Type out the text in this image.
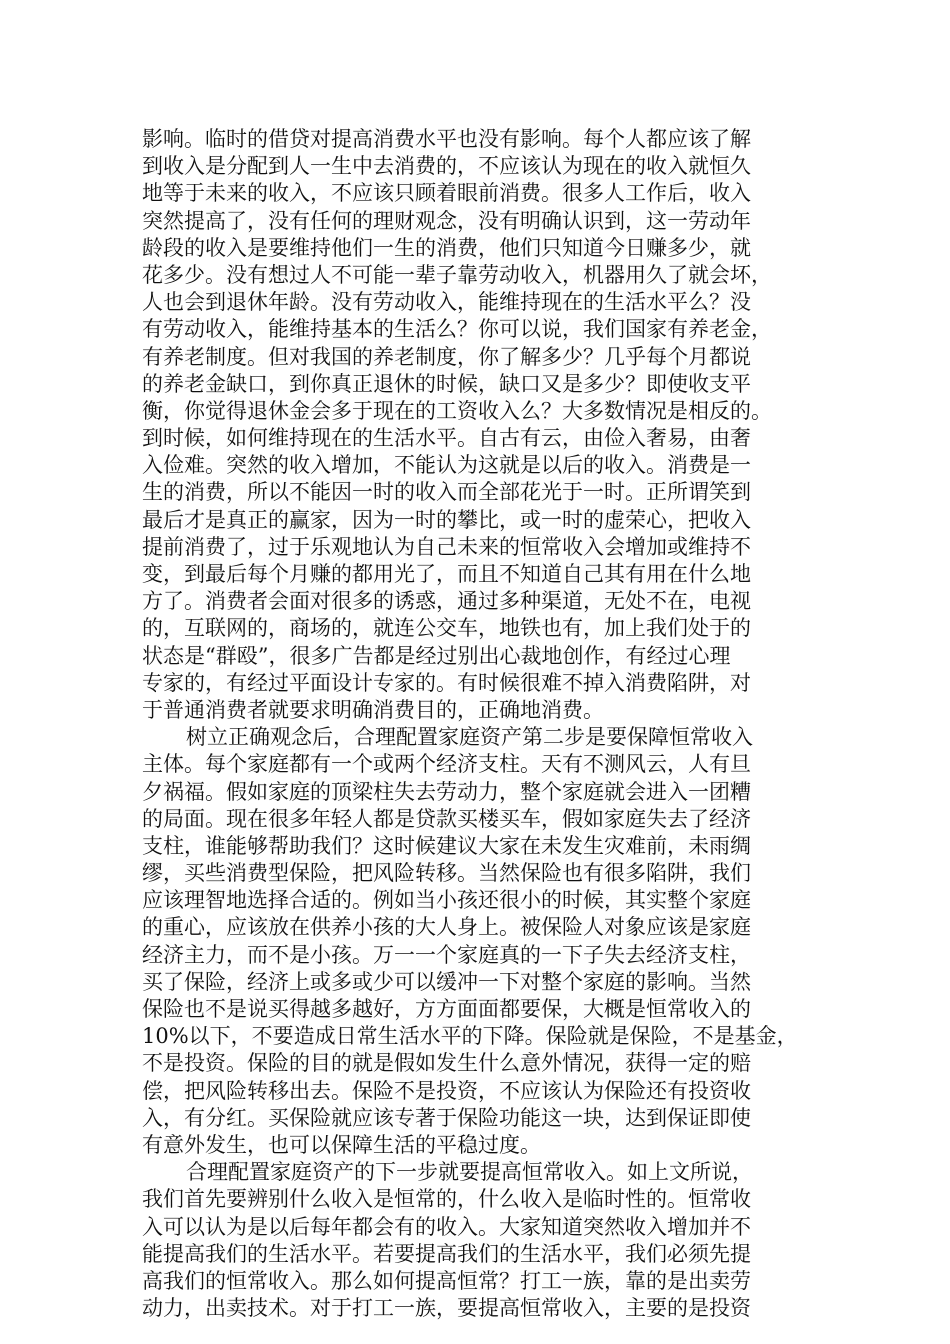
影响。临时的借贷对提高消费水平也没有影响。每个人都应该了解
到收入是分配到人一生中去消费的，不应该认为现在的收入就恒久
地等于未来的收入，不应该只顾着眼前消费。很多人工作后，收入
突然提高了，没有任何的理财观念，没有明确认识到，这一劳动年
龄段的收入是要维持他们一生的消费，他们只知道今日赚多少，就
花多少。没有想过人不可能一辈子靠劳动收入，机器用久了就会坏，
人也会到退休年龄。没有劳动收入，能维持现在的生活水平么？没
有劳动收入，能维持基本的生活么？你可以说，我们国家有养老金，
有养老制度。但对我国的养老制度，你了解多少？几乎每个月都说
的养老金缺口，到你真正退休的时候，缺口又是多少？即使收支平
衡，你觉得退休金会多于现在的工资收入么？大多数情况是相反的。
到时候，如何维持现在的生活水平。自古有云，由俭入奢易，由奢
入俭难。突然的收入增加，不能认为这就是以后的收入。消费是一
生的消费，所以不能因一时的收入而全部花光于一时。正所谓笑到
最后才是真正的赢家，因为一时的攀比，或一时的虚荣心，把收入
提前消费了，过于乐观地认为自己未来的恒常收入会增加或维持不
变，到最后每个月赚的都用光了，而且不知道自己其有用在什么地
方了。消费者会面对很多的诱惑，通过多种渠道，无处不在，电视
的，互联网的，商场的，就连公交车，地铁也有，加上我们处于的
状态是“群殴”，很多广告都是经过别出心裁地创作，有经过心理
专家的，有经过平面设计专家的。有时候很难不掉入消费陷阱，对
于普通消费者就要求明确消费目的，正确地消费。
树立正确观念后，合理配置家庭资产第二步是要保障恒常收入
主体。每个家庭都有一个或两个经济支柱。天有不测风云，人有旦
夕祸福。假如家庭的顶梁柱失去劳动力，整个家庭就会进入一团糟
的局面。现在很多年轻人都是贷款买楼买车，假如家庭失去了经济
支柱，谁能够帮助我们？这时候建议大家在未发生灾难前，未雨绸
缪，买些消费型保险，把风险转移。当然保险也有很多陷阱，我们
应该理智地选择合适的。例如当小孩还很小的时候，其实整个家庭
的重心，应该放在供养小孩的大人身上。被保险人对象应该是家庭
经济主力，而不是小孩。万一一个家庭真的一下子失去经济支柱，
买了保险，经济上或多或少可以缓冲一下对整个家庭的影响。当然
保险也不是说买得越多越好，方方面面都要保，大概是恒常收入的
10%以下，不要造成日常生活水平的下降。保险就是保险，不是基金，
不是投资。保险的目的就是假如发生什么意外情况，获得一定的赔
偿，把风险转移出去。保险不是投资，不应该认为保险还有投资收
入，有分红。买保险就应该专著于保险功能这一块，达到保证即使
有意外发生，也可以保障生活的平稳过度。
合理配置家庭资产的下一步就要提高恒常收入。如上文所说，
我们首先要辨别什么收入是恒常的，什么收入是临时性的。恒常收
入可以认为是以后每年都会有的收入。大家知道突然收入增加并不
能提高我们的生活水平。若要提高我们的生活水平，我们必须先提
高我们的恒常收入。那么如何提高恒常？打工一族，靠的是出卖劳
动力，出卖技术。对于打工一族，要提高恒常收入，主要的是投资
